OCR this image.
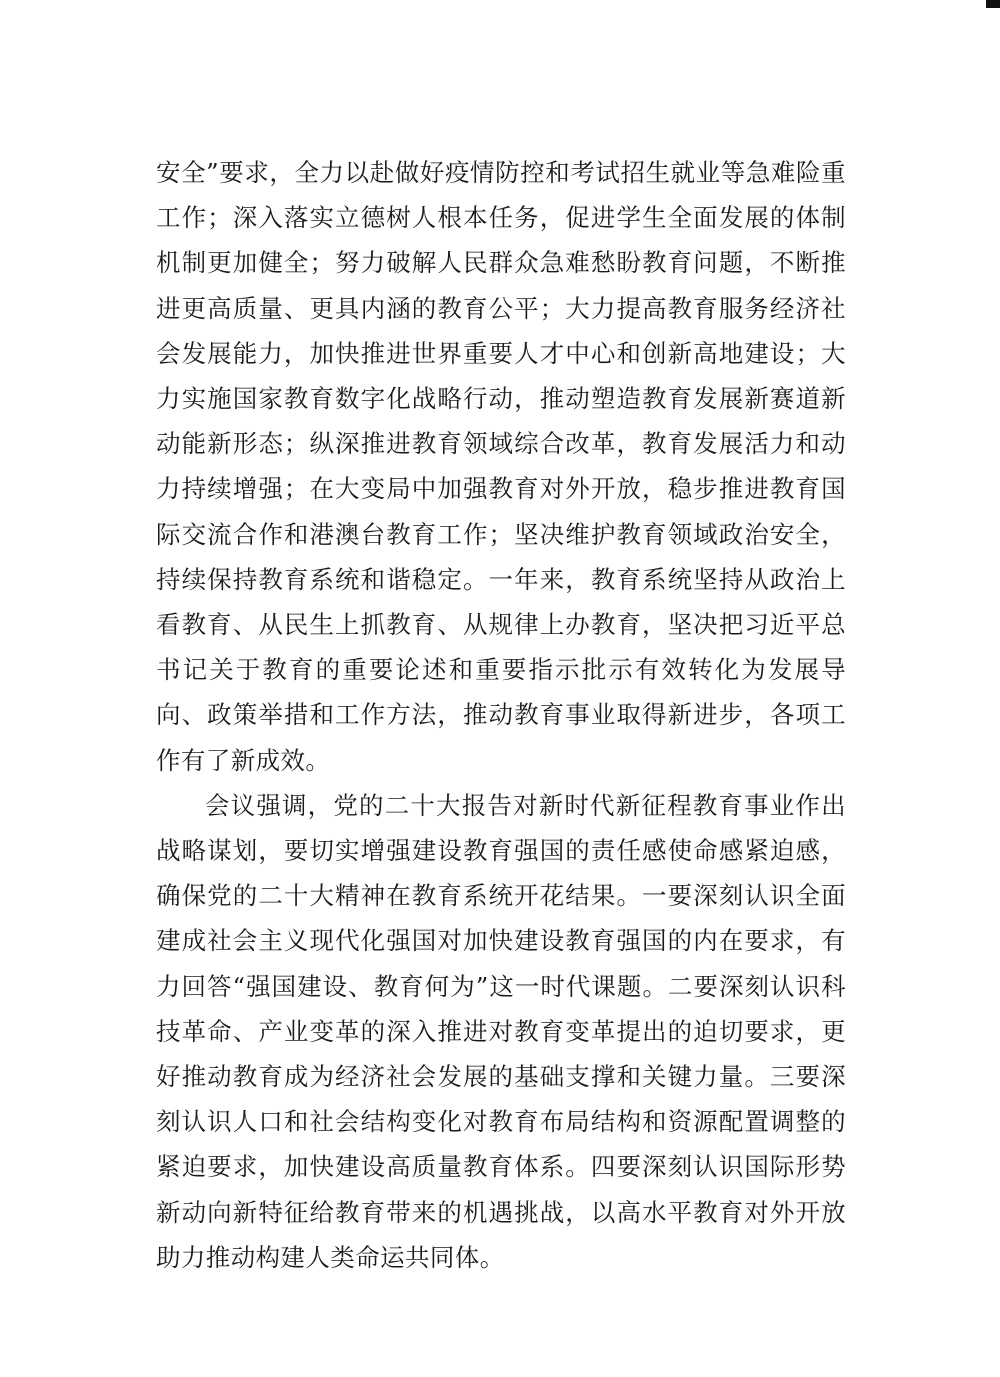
安全”要求，全力以赴做好疫情防控和考试招生就业等急难险重工作；深入落实立德树人根本任务，促进学生全面发展的体制机制更加健全；努力破解人民群众急难愁盼教育问题，不断推进更高质量、更具内涵的教育公平；大力提高教育服务经济社会发展能力，加快推进世界重要人才中心和创新高地建设；大力实施国家教育数字化战略行动，推动塑造教育发展新赛道新动能新形态；纵深推进教育领域综合改革，教育发展活力和动力持续增强；在大变局中加强教育对外开放，稳步推进教育国际交流合作和港澳台教育工作；坚决维护教育领域政治安全，持续保持教育系统和谐稳定。一年来，教育系统坚持从政治上看教育、从民生上抓教育、从规律上办教育，坚决把习近平总书记关于教育的重要论述和重要指示批示有效转化为发展导向、政策举措和工作方法，推动教育事业取得新进步，各项工作有了新成效。

会议强调，党的二十大报告对新时代新征程教育事业作出战略谋划，要切实增强建设教育强国的责任感使命感紧迫感，确保党的二十大精神在教育系统开花结果。一要深刻认识全面建成社会主义现代化强国对加快建设教育强国的内在要求，有力回答“强国建设、教育何为”这一时代课题。二要深刻认识科技革命、产业变革的深入推进对教育变革提出的迫切要求，更好推动教育成为经济社会发展的基础支撑和关键力量。三要深刻认识人口和社会结构变化对教育布局结构和资源配置调整的紧迫要求，加快建设高质量教育体系。四要深刻认识国际形势新动向新特征给教育带来的机遇挑战，以高水平教育对外开放助力推动构建人类命运共同体。
